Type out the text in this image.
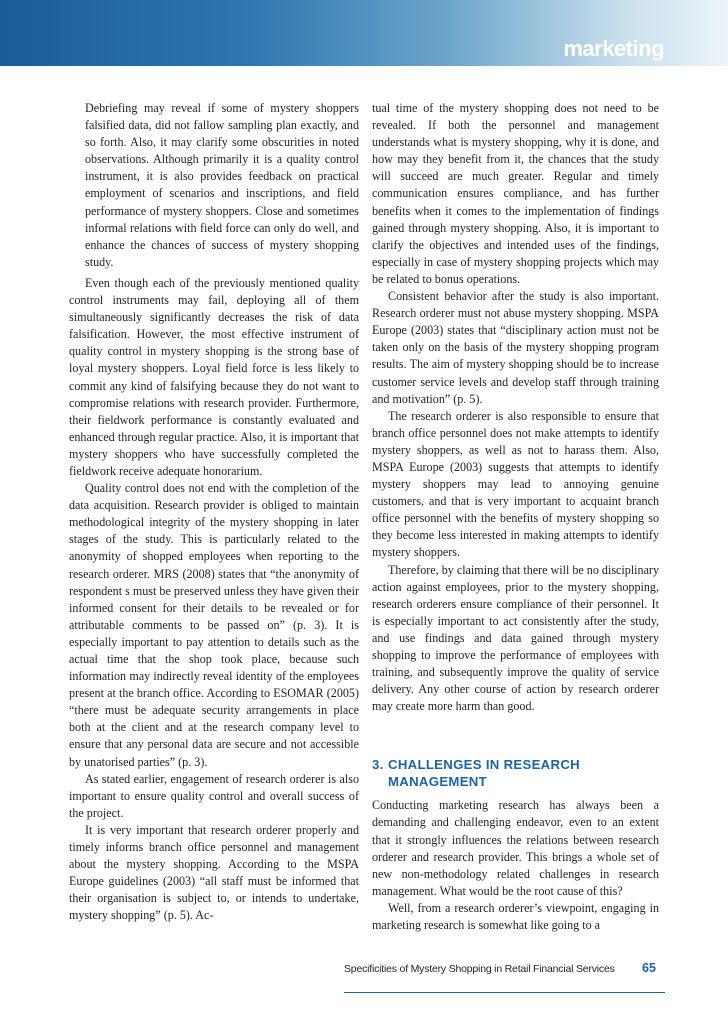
marketing

Debriefing may reveal if some of mystery shoppers falsified data, did not fallow sampling plan exactly, and so forth. Also, it may clarify some obscurities in noted observations. Although primarily it is a quality control instrument, it is also provides feedback on practical employment of scenarios and inscriptions, and field performance of mystery shoppers. Close and sometimes informal relations with field force can only do well, and enhance the chances of success of mystery shopping study.

Even though each of the previously mentioned quality control instruments may fail, deploying all of them simultaneously significantly decreases the risk of data falsification. However, the most effective instrument of quality control in mystery shopping is the strong base of loyal mystery shoppers. Loyal field force is less likely to commit any kind of falsifying because they do not want to compromise relations with research provider. Furthermore, their fieldwork performance is constantly evaluated and enhanced through regular practice. Also, it is important that mystery shoppers who have successfully completed the fieldwork receive adequate honorarium.

Quality control does not end with the completion of the data acquisition. Research provider is obliged to maintain methodological integrity of the mystery shopping in later stages of the study. This is particularly related to the anonymity of shopped employees when reporting to the research orderer. MRS (2008) states that “the anonymity of respondent s must be preserved unless they have given their informed consent for their details to be revealed or for attributable comments to be passed on” (p. 3). It is especially important to pay attention to details such as the actual time that the shop took place, because such information may indirectly reveal identity of the employees present at the branch office. According to ESOMAR (2005) “there must be adequate security arrangements in place both at the client and at the research company level to ensure that any personal data are secure and not accessible by unatorised parties” (p. 3).

As stated earlier, engagement of research orderer is also important to ensure quality control and overall success of the project.

It is very important that research orderer properly and timely informs branch office personnel and management about the mystery shopping. According to the MSPA Europe guidelines (2003) “all staff must be informed that their organisation is subject to, or intends to undertake, mystery shopping” (p. 5). Ac-

tual time of the mystery shopping does not need to be revealed. If both the personnel and management understands what is mystery shopping, why it is done, and how may they benefit from it, the chances that the study will succeed are much greater. Regular and timely communication ensures compliance, and has further benefits when it comes to the implementation of findings gained through mystery shopping. Also, it is important to clarify the objectives and intended uses of the findings, especially in case of mystery shopping projects which may be related to bonus operations.

Consistent behavior after the study is also important. Research orderer must not abuse mystery shopping. MSPA Europe (2003) states that “disciplinary action must not be taken only on the basis of the mystery shopping program results. The aim of mystery shopping should be to increase customer service levels and develop staff through training and motivation” (p. 5).

The research orderer is also responsible to ensure that branch office personnel does not make attempts to identify mystery shoppers, as well as not to harass them. Also, MSPA Europe (2003) suggests that attempts to identify mystery shoppers may lead to annoying genuine customers, and that is very important to acquaint branch office personnel with the benefits of mystery shopping so they become less interested in making attempts to identify mystery shoppers.

Therefore, by claiming that there will be no disciplinary action against employees, prior to the mystery shopping, research orderers ensure compliance of their personnel. It is especially important to act consistently after the study, and use findings and data gained through mystery shopping to improve the performance of employees with training, and subsequently improve the quality of service delivery. Any other course of action by research orderer may create more harm than good.

3. CHALLENGES IN RESEARCH
MANAGEMENT

Conducting marketing research has always been a demanding and challenging endeavor, even to an extent that it strongly influences the relations between research orderer and research provider. This brings a whole set of new non-methodology related challenges in research management. What would be the root cause of this?

Well, from a research orderer’s viewpoint, engaging in marketing research is somewhat like going to a

Specificities of Mystery Shopping in Retail Financial Services 65
